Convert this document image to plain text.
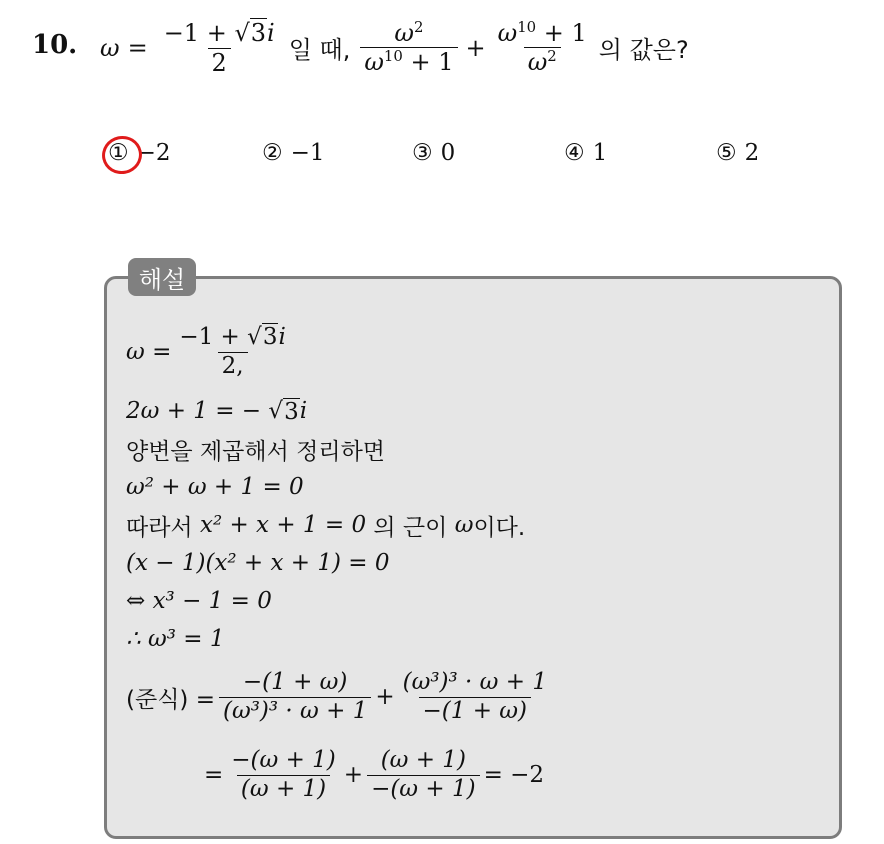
10. $\omega = \frac{-1 + √ 3 i}{2}$ 일 때, $\frac{\omega^2}{\omega^{10} + 1} + \frac{\omega^{10} + 1}{\omega^2}$ 의 값은?
① −2	② −1	③ 0	④ 1	⑤ 2
해설
$\omega = \frac{-1 + √ 3 i}{2,}$
2ω + 1 = − √ 3 i
양변을 제곱해서 정리하면
ω² + ω + 1 = 0
따라서
x² + x + 1 = 0
의 근이
ω 이다.
(x − 1)(x² + x + 1) = 0
⇔ x³ − 1 = 0
∴ ω³ = 1
(준식) = $\frac{-(1 + \omega)}{\text{(ω³)³ · ω + 1}} + \frac{\text{(ω³)³ · ω + 1}}{-(1 + \omega)}$
= $\frac{-(\omega + 1)}{(\omega + 1)} + \frac{(\omega + 1)}{-(\omega + 1)} = -2$
